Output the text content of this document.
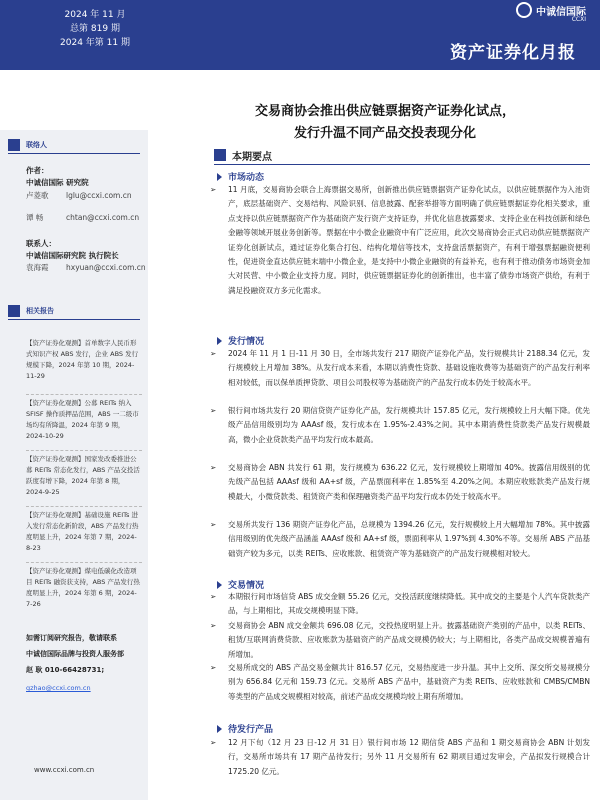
2024 年 11 月
总第 819 期
2024 年第 11 期
中诚信国际
CCXI
资产证券化月报
交易商协会推出供应链票据资产证券化试点，
发行升温不同产品交投表现分化
本期要点
联络人
作者：
中诚信国际 研究院
卢菱歌 lglu@ccxi.com.cn
谭 畅	chtan@ccxi.com.cn
联系人：
中诚信国际研究院 执行院长
袁海霞 hxyuan@ccxi.com.cn
相关报告
【资产证券化观测】首单数字人民币形式知识产权 ABS 发行，企业 ABS 发行规模下降，2024 年第 10 期，2024-11-29
【资产证券化观测】公募 REITs 纳入 SFISF 操作质押品范围，ABS 一二级市场均有所降温，2024 年第 9 期，2024-10-29
【资产证券化观测】国家发改委推进公募 REITs 常态化发行，ABS 产品交投活跃度有增下降，2024 年第 8 期，2024-9-25
【资产证券化观测】基础设施 REITs 进入发行常态化新阶段，ABS 产品发行热度明显上升，2024 年第 7 期，2024-8-23
【资产证券化观测】煤电低碳化改造项目 REITs 融资获支持，ABS 产品发行热度明显上升，2024 年第 6 期，2024-7-26
如需订阅研究报告，敬请联系
中诚信国际品牌与投资人服务部
赵 耿 010-66428731;
gzhao@ccxi.com.cn
www.ccxi.com.cn
市场动态
➢	11 月底，交易商协会联合上海票据交易所，创新推出供应链票据资产证券化试点，以供应链票据作为入池资产，底层基础资产、交易结构、风险识别、信息披露、配套举措等方面明确了供应链票据证券化相关要求，重点支持以供应链票据资产作为基础资产发行资产支持证券，并优化信息披露要求、支持企业在科技创新和绿色金融等领域开展业务创新等。票据在中小微企业融资中有广泛应用，此次交易商协会正式启动供应链票据资产证券化创新试点，通过证券化集合打包、结构化增信等技术，支持盘活票据资产，有利于增强票据融资便利性，促进资金直达供应链末端中小微企业，是支持中小微企业融资的有益补充，也有利于推动债务市场资金加大对民营、中小微企业支持力度。同时，供应链票据证券化的创新推出，也丰富了债券市场资产供给，有利于满足投融资双方多元化需求。
发行情况
➢	2024 年 11 月 1 日-11 月 30 日，全市场共发行 217 期资产证券化产品，发行规模共计 2188.34 亿元，发行规模较上月增加 38%。从发行成本来看，本期以消费性贷款、基础设施收费等为基础资产的产品发行利率相对较低，而以保单质押贷款、项目公司股权等为基础资产的产品发行成本仍处于较高水平。
➢	银行间市场共发行 20 期信贷资产证券化产品，发行规模共计 157.85 亿元，发行规模较上月大幅下降。优先级产品信用级别均为 AAAsf 级，发行成本在 1.95%-2.43%之间。其中本期消费性贷款类产品发行规模最高，微小企业贷款类产品平均发行成本最高。
➢	交易商协会 ABN 共发行 61 期，发行规模为 636.22 亿元，发行规模较上期增加 40%。披露信用级别的优先级产品包括 AAAsf 级和 AA+sf 级，产品票面利率在 1.85%至 4.20%之间。本期应收账款类产品发行规模最大，小微贷款类、租赁资产类和保理融资类产品平均发行成本仍处于较高水平。
➢	交易所共发行 136 期资产证券化产品，总规模为 1394.26 亿元，发行规模较上月大幅增加 78%。其中披露信用级别的优先级产品涵盖 AAAsf 级和 AA+sf 级，票面利率从 1.97%到 4.30%不等。交易所 ABS 产品基础资产较为多元，以类 REITs、应收账款、租赁资产等为基础资产的产品发行规模相对较大。
交易情况
➢	本期银行间市场信贷 ABS 成交金额 55.26 亿元，交投活跃度继续降低。其中成交的主要是个人汽车贷款类产品，与上期相比，其成交规模明显下降。
➢	交易商协会 ABN 成交金额共 696.08 亿元，交投热度明显上升。披露基础资产类别的产品中，以类 REITs、租赁/互联网消费贷款、应收账款为基础资产的产品成交规模仍较大；与上期相比，各类产品成交规模普遍有所增加。
➢	交易所成交的 ABS 产品交易金额共计 816.57 亿元，交易热度进一步升温。其中上交所、深交所交易规模分别为 656.84 亿元和 159.73 亿元。交易所 ABS 产品中，基础资产为类 REITs、应收账款和 CMBS/CMBN 等类型的产品成交规模相对较高，前述产品成交规模均较上期有所增加。
待发行产品
➢	12 月下旬（12 月 23 日-12 月 31 日）银行间市场 12 期信贷 ABS 产品和 1 期交易商协会 ABN 计划发行，交易所市场共有 17 期产品待发行；另外 11 月交易所有 62 期项目通过发审会，产品拟发行规模合计 1725.20 亿元。
